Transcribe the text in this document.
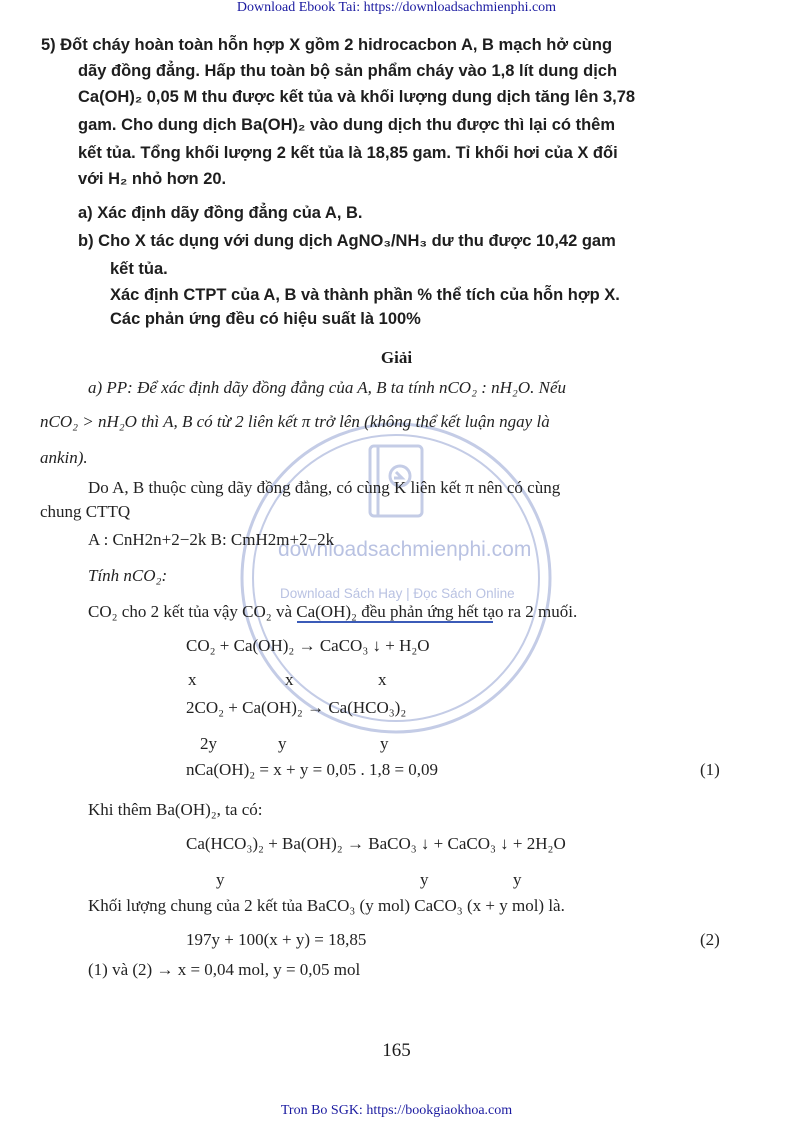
Download Ebook Tai: https://downloadsachmienphi.com
downloadsachmienphi.com
Download Sách Hay | Đọc Sách Online
5) Đốt cháy hoàn toàn hỗn hợp X gồm 2 hidrocacbon A, B mạch hở cùng
dãy đồng đẳng. Hấp thu toàn bộ sản phẩm cháy vào 1,8 lít dung dịch
Ca(OH)₂ 0,05 M thu được kết tủa và khối lượng dung dịch tăng lên 3,78
gam. Cho dung dịch Ba(OH)₂ vào dung dịch thu được thì lại có thêm
kết tủa. Tổng khối lượng 2 kết tủa là 18,85 gam. Tỉ khối hơi của X đối
với H₂ nhỏ hơn 20.
a) Xác định dãy đồng đẳng của A, B.
b) Cho X tác dụng với dung dịch AgNO₃/NH₃ dư thu được 10,42 gam
kết tủa.
Xác định CTPT của A, B và thành phần % thể tích của hỗn hợp X.
Các phản ứng đều có hiệu suất là 100%
Giải
a) PP: Để xác định dãy đồng đẳng của A, B ta tính nCO₂ : nH₂O. Nếu
nCO₂ > nH₂O thì A, B có từ 2 liên kết π trở lên (không thể kết luận ngay là
ankin).
Do A, B thuộc cùng dãy đồng đẳng, có cùng K liên kết π nên có cùng
chung CTTQ
A : CnH2n+2−2k B: CmH2m+2−2k
Tính nCO₂:
CO₂ cho 2 kết tủa vậy CO₂ và Ca(OH)₂ đều phản ứng hết tạo ra 2 muối.
CO₂ + Ca(OH)₂ → CaCO₃ ↓ + H₂O
x	x	x
2CO₂ + Ca(OH)₂ → Ca(HCO₃)₂
2y	y	y
nCa(OH)₂ = x + y = 0,05 . 1,8 = 0,09	(1)
Khi thêm Ba(OH)₂, ta có:
Ca(HCO₃)₂ + Ba(OH)₂ → BaCO₃ ↓ + CaCO₃ ↓ + 2H₂O
y	y	y
Khối lượng chung của 2 kết tủa BaCO₃ (y mol) CaCO₃ (x + y mol) là.
197y + 100(x + y) = 18,85	(2)
(1) và (2) → x = 0,04 mol, y = 0,05 mol
165
Tron Bo SGK: https://bookgiaokhoa.com
